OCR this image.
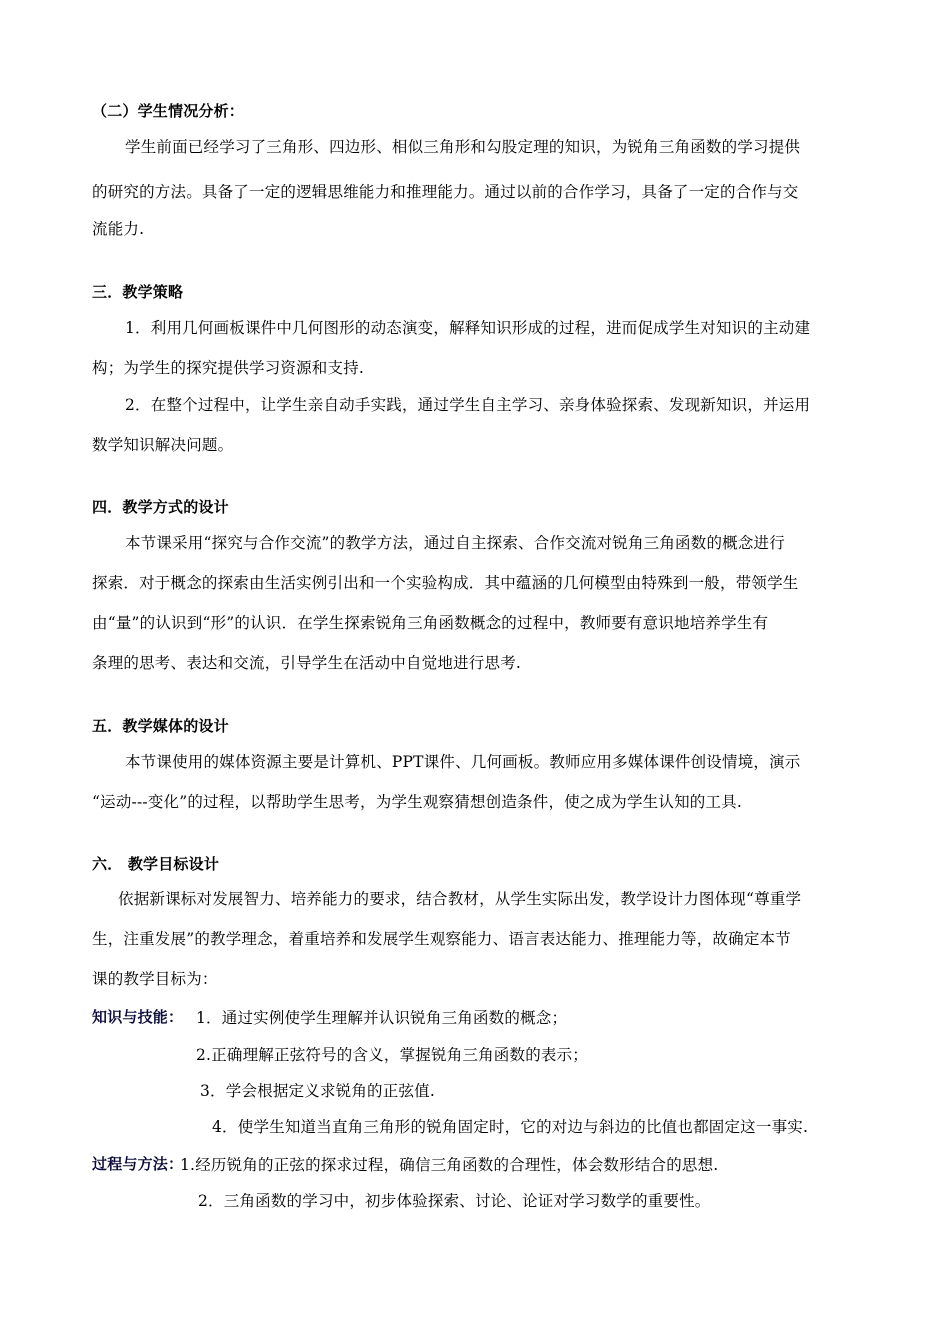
（二）学生情况分析：
学生前面已经学习了三角形、四边形、相似三角形和勾股定理的知识，为锐角三角函数的学习提供
的研究的方法。具备了一定的逻辑思维能力和推理能力。通过以前的合作学习，具备了一定的合作与交
流能力.
三．教学策略
1．利用几何画板课件中几何图形的动态演变，解释知识形成的过程，进而促成学生对知识的主动建
构；为学生的探究提供学习资源和支持.
2．在整个过程中，让学生亲自动手实践，通过学生自主学习、亲身体验探索、发现新知识，并运用
数学知识解决问题。
四．教学方式的设计
本节课采用“探究与合作交流”的教学方法，通过自主探索、合作交流对锐角三角函数的概念进行
探索．对于概念的探索由生活实例引出和一个实验构成．其中蕴涵的几何模型由特殊到一般，带领学生
由“量”的认识到“形”的认识．在学生探索锐角三角函数概念的过程中，教师要有意识地培养学生有
条理的思考、表达和交流，引导学生在活动中自觉地进行思考.
五．教学媒体的设计
本节课使用的媒体资源主要是计算机、PPT课件、几何画板。教师应用多媒体课件创设情境，演示
“运动---变化”的过程，以帮助学生思考，为学生观察猜想创造条件，使之成为学生认知的工具.
六． 教学目标设计
依据新课标对发展智力、培养能力的要求，结合教材，从学生实际出发，教学设计力图体现“尊重学
生，注重发展”的教学理念，着重培养和发展学生观察能力、语言表达能力、推理能力等，故确定本节
课的教学目标为：
知识与技能： 1．通过实例使学生理解并认识锐角三角函数的概念；
2.正确理解正弦符号的含义，掌握锐角三角函数的表示；
3．学会根据定义求锐角的正弦值.
4．使学生知道当直角三角形的锐角固定时，它的对边与斜边的比值也都固定这一事实.
过程与方法：
1.经历锐角的正弦的探求过程，确信三角函数的合理性，体会数形结合的思想.
2．三角函数的学习中，初步体验探索、讨论、论证对学习数学的重要性。
